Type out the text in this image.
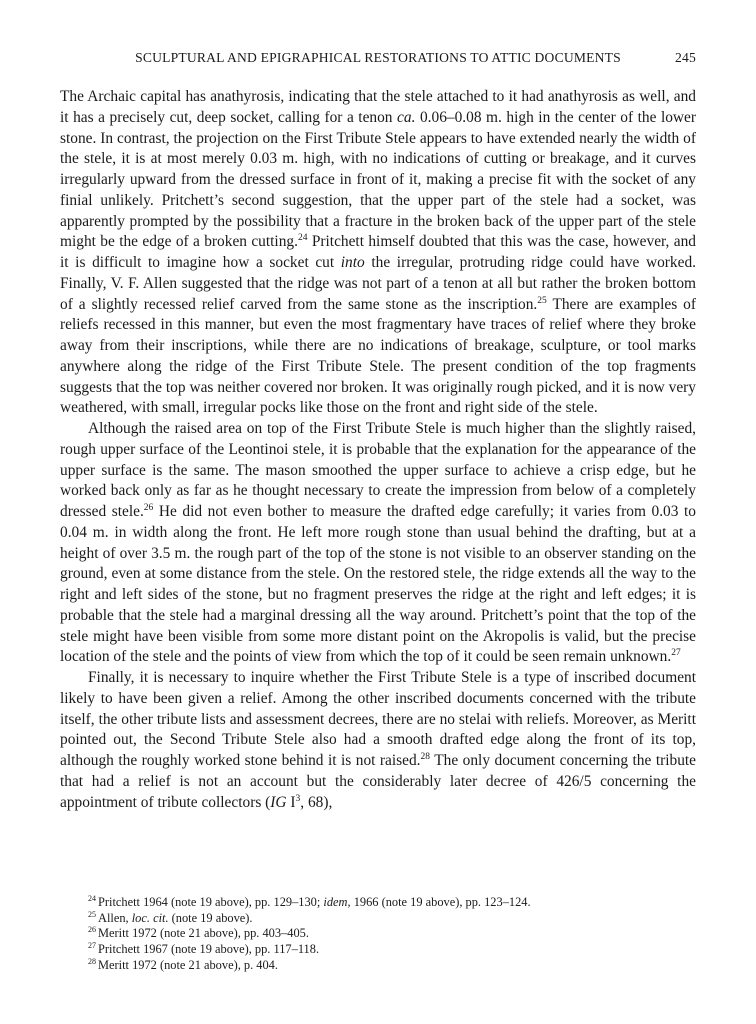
SCULPTURAL AND EPIGRAPHICAL RESTORATIONS TO ATTIC DOCUMENTS	245

The Archaic capital has anathyrosis, indicating that the stele attached to it had anathyrosis as well, and it has a precisely cut, deep socket, calling for a tenon ca. 0.06–0.08 m. high in the center of the lower stone. In contrast, the projection on the First Tribute Stele appears to have extended nearly the width of the stele, it is at most merely 0.03 m. high, with no indications of cutting or breakage, and it curves irregularly upward from the dressed surface in front of it, making a precise fit with the socket of any finial unlikely. Pritchett’s second suggestion, that the upper part of the stele had a socket, was apparently prompted by the possibility that a fracture in the broken back of the upper part of the stele might be the edge of a broken cutting.$^{24}$ Pritchett himself doubted that this was the case, however, and it is difficult to imagine how a socket cut into the irregular, protruding ridge could have worked. Finally, V. F. Allen suggested that the ridge was not part of a tenon at all but rather the broken bottom of a slightly recessed relief carved from the same stone as the inscription.$^{25}$ There are examples of reliefs recessed in this manner, but even the most fragmentary have traces of relief where they broke away from their inscriptions, while there are no indications of breakage, sculpture, or tool marks anywhere along the ridge of the First Tribute Stele. The present condition of the top fragments suggests that the top was neither covered nor broken. It was originally rough picked, and it is now very weathered, with small, irregular pocks like those on the front and right side of the stele.

Although the raised area on top of the First Tribute Stele is much higher than the slightly raised, rough upper surface of the Leontinoi stele, it is probable that the explanation for the appearance of the upper surface is the same. The mason smoothed the upper surface to achieve a crisp edge, but he worked back only as far as he thought necessary to create the impression from below of a completely dressed stele.$^{26}$ He did not even bother to measure the drafted edge carefully; it varies from 0.03 to 0.04 m. in width along the front. He left more rough stone than usual behind the drafting, but at a height of over 3.5 m. the rough part of the top of the stone is not visible to an observer standing on the ground, even at some distance from the stele. On the restored stele, the ridge extends all the way to the right and left sides of the stone, but no fragment preserves the ridge at the right and left edges; it is probable that the stele had a marginal dressing all the way around. Pritchett’s point that the top of the stele might have been visible from some more distant point on the Akropolis is valid, but the precise location of the stele and the points of view from which the top of it could be seen remain unknown.$^{27}$

Finally, it is necessary to inquire whether the First Tribute Stele is a type of inscribed document likely to have been given a relief. Among the other inscribed documents concerned with the tribute itself, the other tribute lists and assessment decrees, there are no stelai with reliefs. Moreover, as Meritt pointed out, the Second Tribute Stele also had a smooth drafted edge along the front of its top, although the roughly worked stone behind it is not raised.$^{28}$ The only document concerning the tribute that had a relief is not an account but the considerably later decree of 426/5 concerning the appointment of tribute collectors (IG $I^3$, 68),

$^{24}$ Pritchett 1964 (note 19 above), pp. 129–130; idem, 1966 (note 19 above), pp. 123–124.
$^{25}$ Allen, loc. cit. (note 19 above).
$^{26}$ Meritt 1972 (note 21 above), pp. 403–405.
$^{27}$ Pritchett 1967 (note 19 above), pp. 117–118.
$^{28}$ Meritt 1972 (note 21 above), p. 404.
